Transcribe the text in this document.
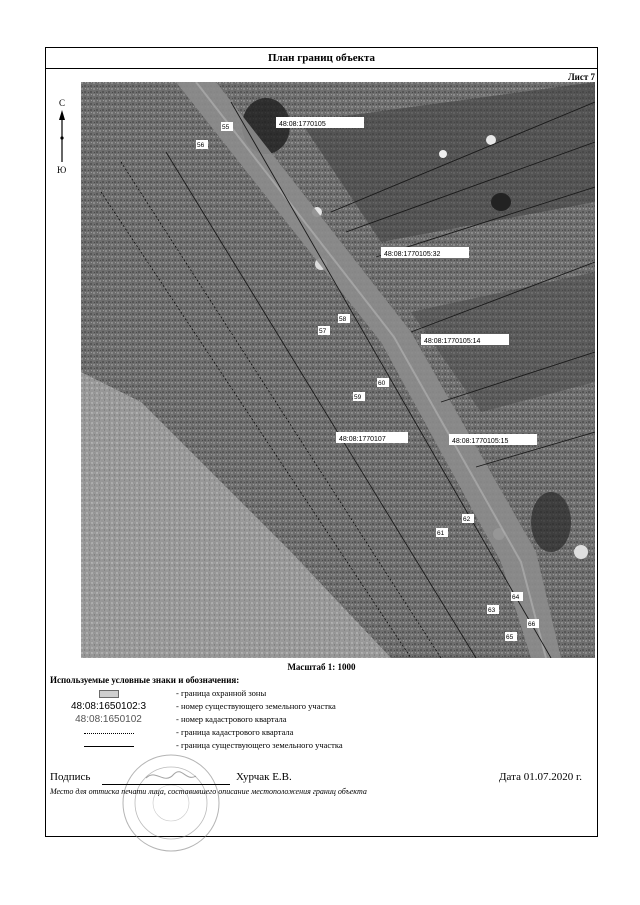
План границ объекта
Лист 7
С
Ю
48:08:1770105
48:08:1770105:32
48:08:1770105:14
48:08:1770107	48:08:1770105:15
55
56
57
58
59
60
61
62
63
64
65
66
Масштаб 1: 1000
Используемые условные знаки и обозначения:
- граница охранной зоны
48:08:1650102:3	- номер существующего земельного участка
48:08:1650102	- номер кадастрового квартала
- граница кадастрового квартала
- граница существующего земельного участка
Подпись	Хурчак Е.В.	Дата 01.07.2020 г.
Место для оттиска печати лица, составившего описание местоположения границ объекта
